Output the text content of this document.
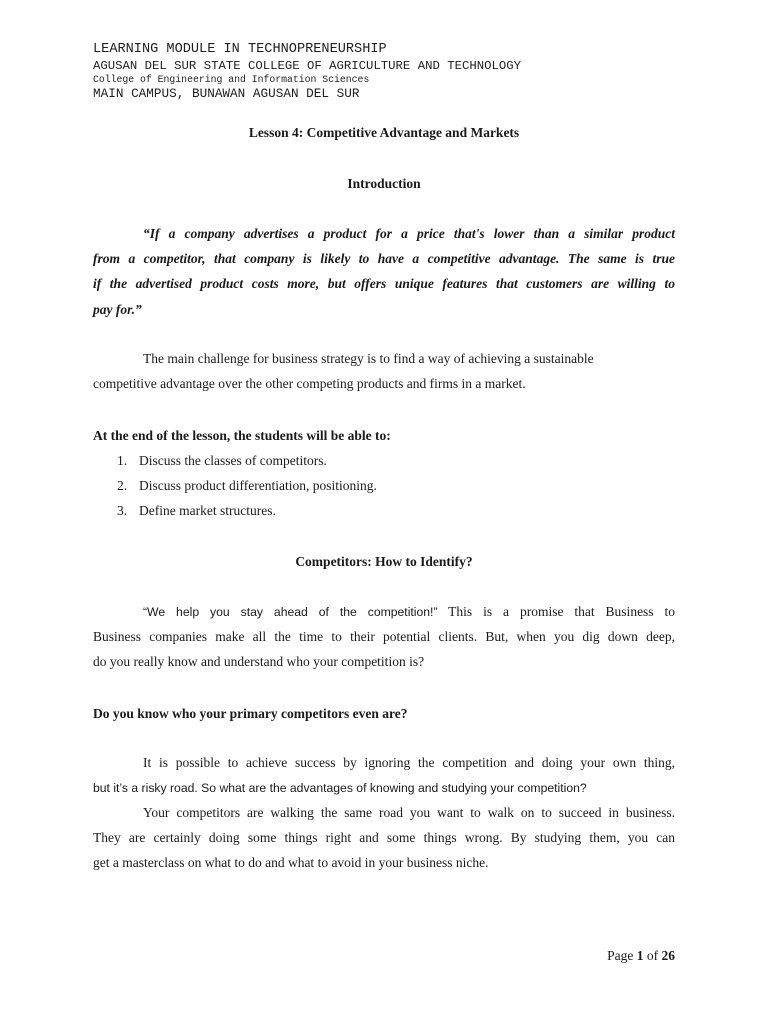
LEARNING MODULE IN TECHNOPRENEURSHIP
AGUSAN DEL SUR STATE COLLEGE OF AGRICULTURE AND TECHNOLOGY
College of Engineering and Information Sciences
MAIN CAMPUS, BUNAWAN AGUSAN DEL SUR
Lesson 4: Competitive Advantage and Markets
Introduction
“If a company advertises a product for a price that's lower than a similar product
from a competitor, that company is likely to have a competitive advantage. The same is true
if the advertised product costs more, but offers unique features that customers are willing to
pay for.”
The main challenge for business strategy is to find a way of achieving a sustainable
competitive advantage over the other competing products and firms in a market.
At the end of the lesson, the students will be able to:
1. Discuss the classes of competitors.
2. Discuss product differentiation, positioning.
3. Define market structures.
Competitors: How to Identify?
“We help you stay ahead of the competition!” This is a promise that Business to
Business companies make all the time to their potential clients. But, when you dig down deep,
do you really know and understand who your competition is?
Do you know who your primary competitors even are?
It is possible to achieve success by ignoring the competition and doing your own thing,
but it’s a risky road. So what are the advantages of knowing and studying your competition?
Your competitors are walking the same road you want to walk on to succeed in business.
They are certainly doing some things right and some things wrong. By studying them, you can
get a masterclass on what to do and what to avoid in your business niche.
Page 1 of 26
